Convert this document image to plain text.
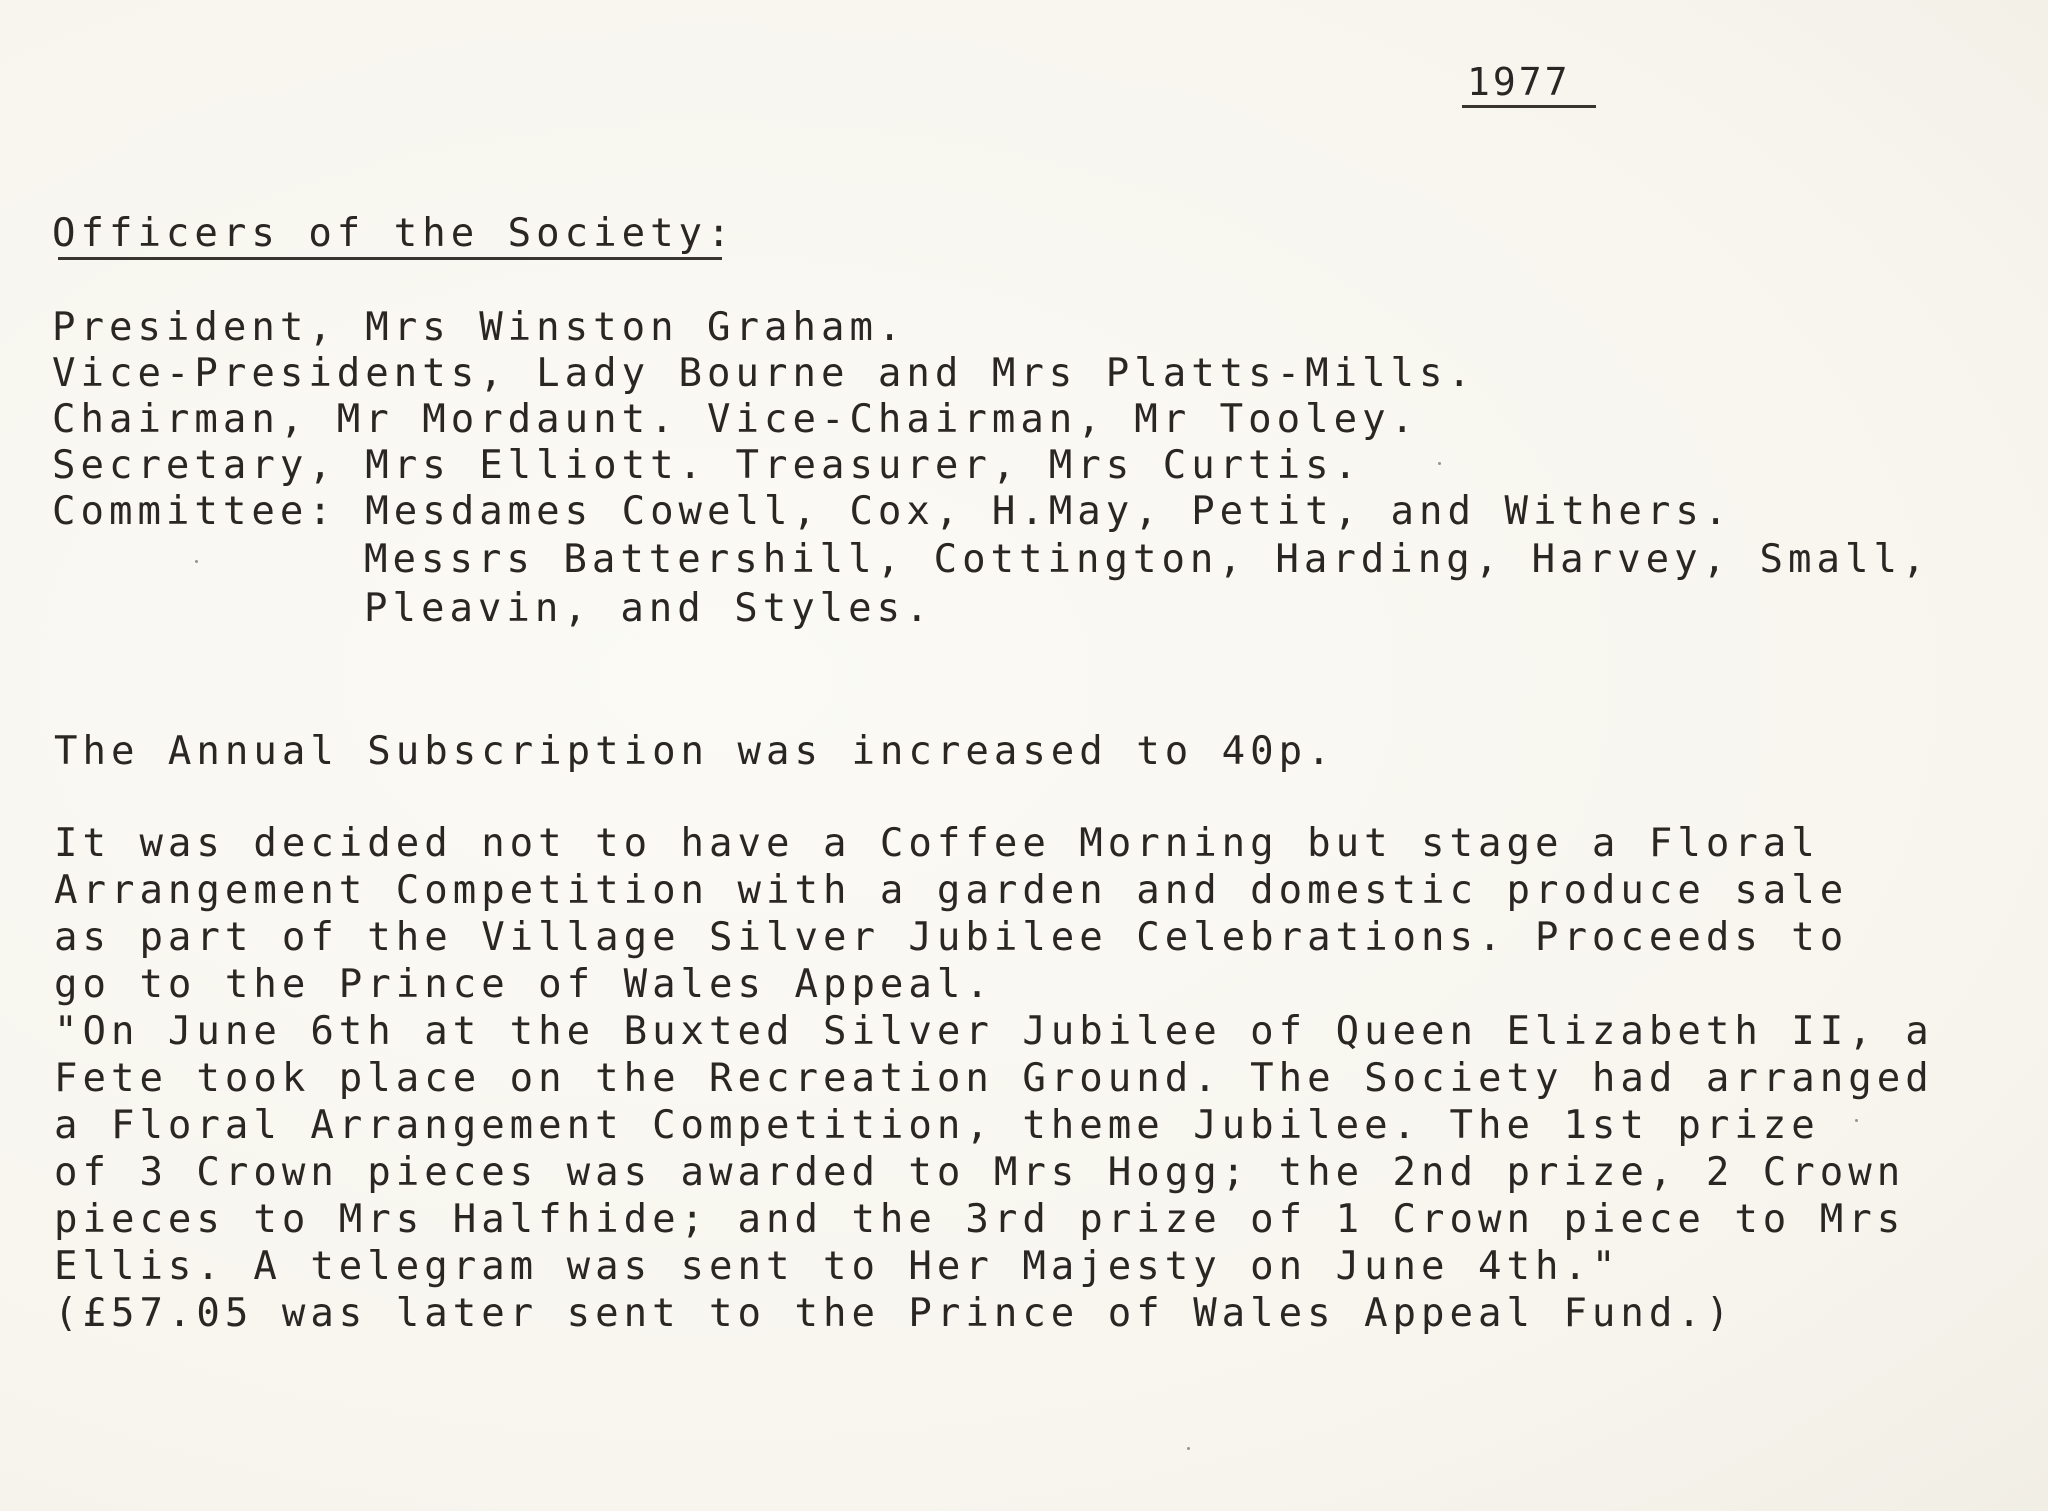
1977
Officers of the Society:
President, Mrs Winston Graham.
Vice-Presidents, Lady Bourne and Mrs Platts-Mills.
Chairman, Mr Mordaunt. Vice-Chairman, Mr Tooley.
Secretary, Mrs Elliott. Treasurer, Mrs Curtis.
Committee: Mesdames Cowell, Cox, H.May, Petit, and Withers.
Messrs Battershill, Cottington, Harding, Harvey, Small,
Pleavin, and Styles.
The Annual Subscription was increased to 40p.
It was decided not to have a Coffee Morning but stage a Floral
Arrangement Competition with a garden and domestic produce sale
as part of the Village Silver Jubilee Celebrations. Proceeds to
go to the Prince of Wales Appeal.
"On June 6th at the Buxted Silver Jubilee of Queen Elizabeth II, a
Fete took place on the Recreation Ground. The Society had arranged
a Floral Arrangement Competition, theme Jubilee. The 1st prize
of 3 Crown pieces was awarded to Mrs Hogg; the 2nd prize, 2 Crown
pieces to Mrs Halfhide; and the 3rd prize of 1 Crown piece to Mrs
Ellis. A telegram was sent to Her Majesty on June 4th."
(£57.05 was later sent to the Prince of Wales Appeal Fund.)
